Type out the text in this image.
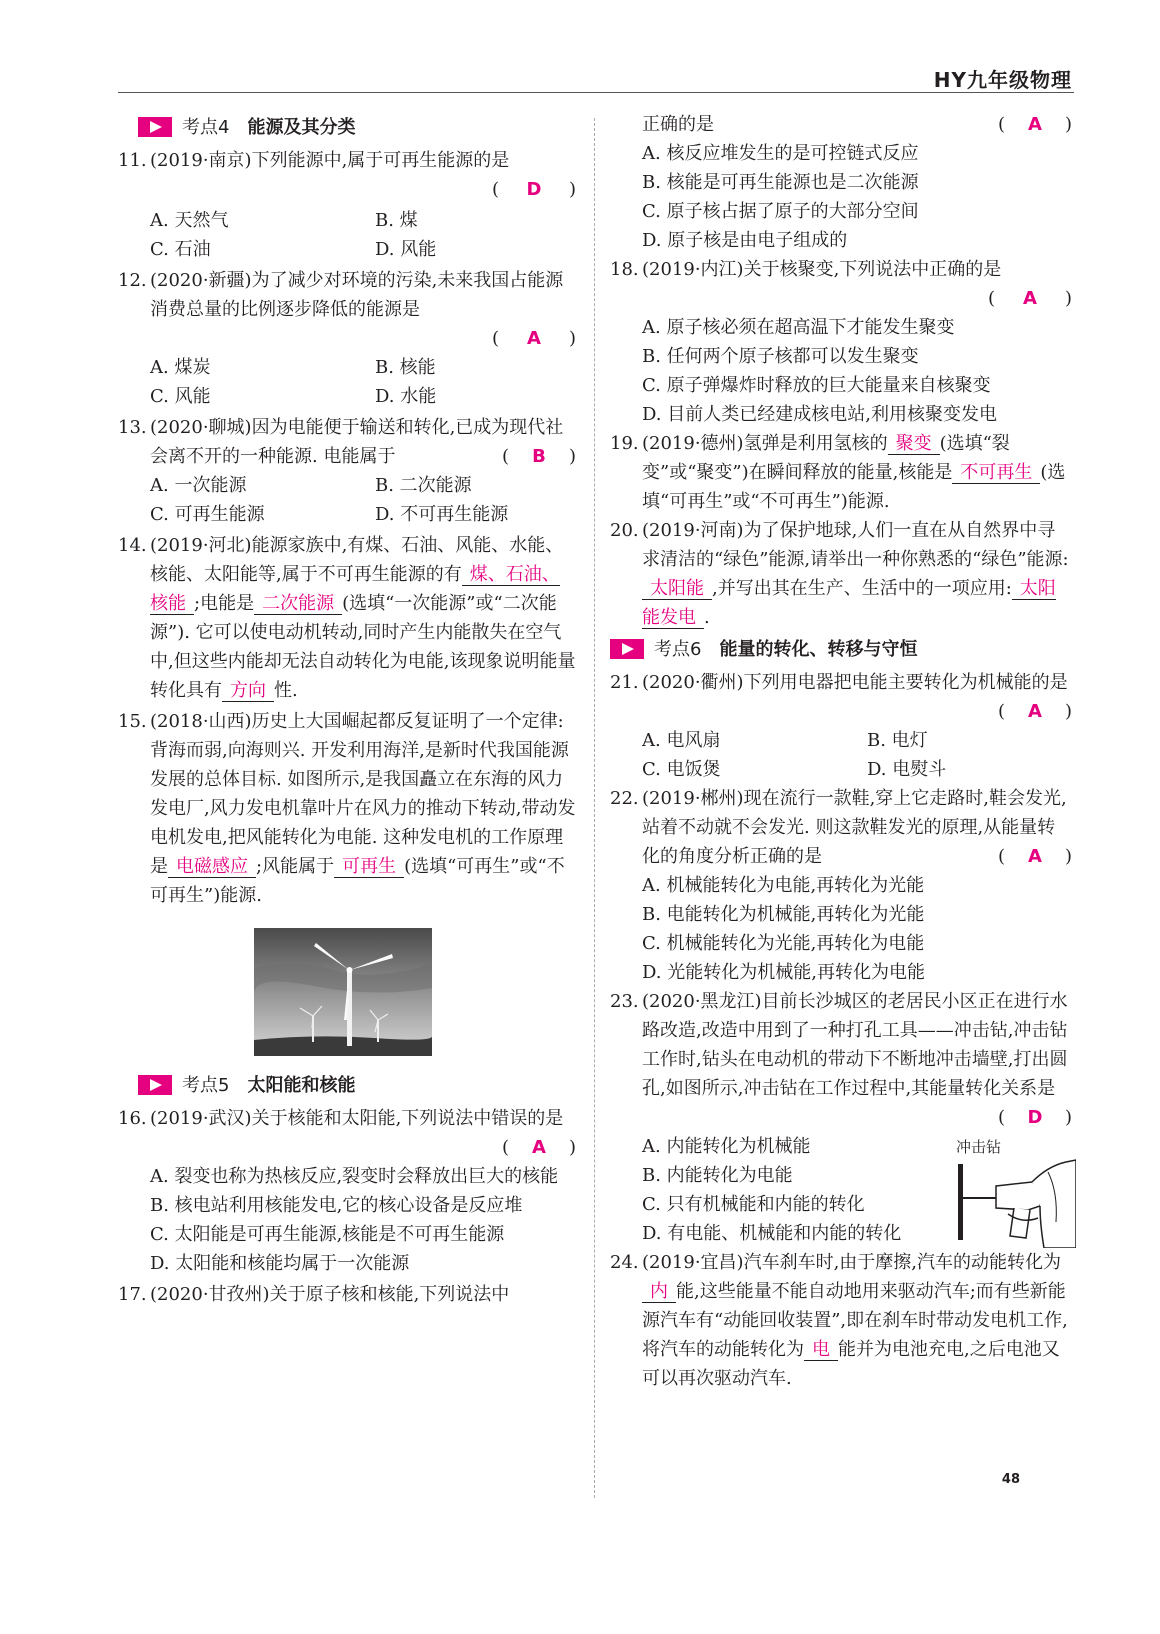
HY九年级物理
考点4 能源及其分类
11. (2019·南京)下列能源中,属于可再生能源的是
( D )
A. 天然气	B. 煤
C. 石油	D. 风能
12. (2020·新疆)为了减少对环境的污染,未来我国占能源消费总量的比例逐步降低的能源是
( A )
A. 煤炭	B. 核能
C. 风能	D. 水能
13. (2020·聊城)因为电能便于输送和转化,已成为现代社会离不开的一种能源. 电能属于	( B )
A. 一次能源	B. 二次能源
C. 可再生能源	D. 不可再生能源
14. (2019·河北)能源家族中,有煤、石油、风能、水能、核能、太阳能等,属于不可再生能源的有 煤、石油、核能 ;电能是 二次能源 (选填“一次能源”或“二次能源”). 它可以使电动机转动,同时产生内能散失在空气中,但这些内能却无法自动转化为电能,该现象说明能量转化具有 方向 性.
15. (2018·山西)历史上大国崛起都反复证明了一个定律:背海而弱,向海则兴. 开发利用海洋,是新时代我国能源发展的总体目标. 如图所示,是我国矗立在东海的风力发电厂,风力发电机靠叶片在风力的推动下转动,带动发电机发电,把风能转化为电能. 这种发电机的工作原理是 电磁感应 ;风能属于 可再生 (选填“可再生”或“不可再生”)能源.
考点5 太阳能和核能
16. (2019·武汉)关于核能和太阳能,下列说法中错误的是
( A )
A. 裂变也称为热核反应,裂变时会释放出巨大的核能
B. 核电站利用核能发电,它的核心设备是反应堆
C. 太阳能是可再生能源,核能是不可再生能源
D. 太阳能和核能均属于一次能源
17. (2020·甘孜州)关于原子核和核能,下列说法中
正确的是	( A )
A. 核反应堆发生的是可控链式反应
B. 核能是可再生能源也是二次能源
C. 原子核占据了原子的大部分空间
D. 原子核是由电子组成的
18. (2019·内江)关于核聚变,下列说法中正确的是
( A )
A. 原子核必须在超高温下才能发生聚变
B. 任何两个原子核都可以发生聚变
C. 原子弹爆炸时释放的巨大能量来自核聚变
D. 目前人类已经建成核电站,利用核聚变发电
19. (2019·德州)氢弹是利用氢核的 聚变 (选填“裂变”或“聚变”)在瞬间释放的能量,核能是 不可再生 (选填“可再生”或“不可再生”)能源.
20. (2019·河南)为了保护地球,人们一直在从自然界中寻求清洁的“绿色”能源,请举出一种你熟悉的“绿色”能源:太阳能 ,并写出其在生产、生活中的一项应用: 太阳能发电 .
考点6 能量的转化、转移与守恒
21. (2020·衢州)下列用电器把电能主要转化为机械能的是
( A )
A. 电风扇	B. 电灯
C. 电饭煲	D. 电熨斗
22. (2019·郴州)现在流行一款鞋,穿上它走路时,鞋会发光,站着不动就不会发光. 则这款鞋发光的原理,从能量转化的角度分析正确的是	( A )
A. 机械能转化为电能,再转化为光能
B. 电能转化为机械能,再转化为光能
C. 机械能转化为光能,再转化为电能
D. 光能转化为机械能,再转化为电能
23. (2020·黑龙江)目前长沙城区的老居民小区正在进行水路改造,改造中用到了一种打孔工具——冲击钻,冲击钻工作时,钻头在电动机的带动下不断地冲击墙壁,打出圆孔,如图所示,冲击钻在工作过程中,其能量转化关系是
( D )
冲击钻
A. 内能转化为机械能
B. 内能转化为电能
C. 只有机械能和内能的转化
D. 有电能、机械能和内能的转化
24. (2019·宜昌)汽车刹车时,由于摩擦,汽车的动能转化为内 能,这些能量不能自动地用来驱动汽车;而有些新能源汽车有“动能回收装置”,即在刹车时带动发电机工作,将汽车的动能转化为 电 能并为电池充电,之后电池又可以再次驱动汽车.
48
